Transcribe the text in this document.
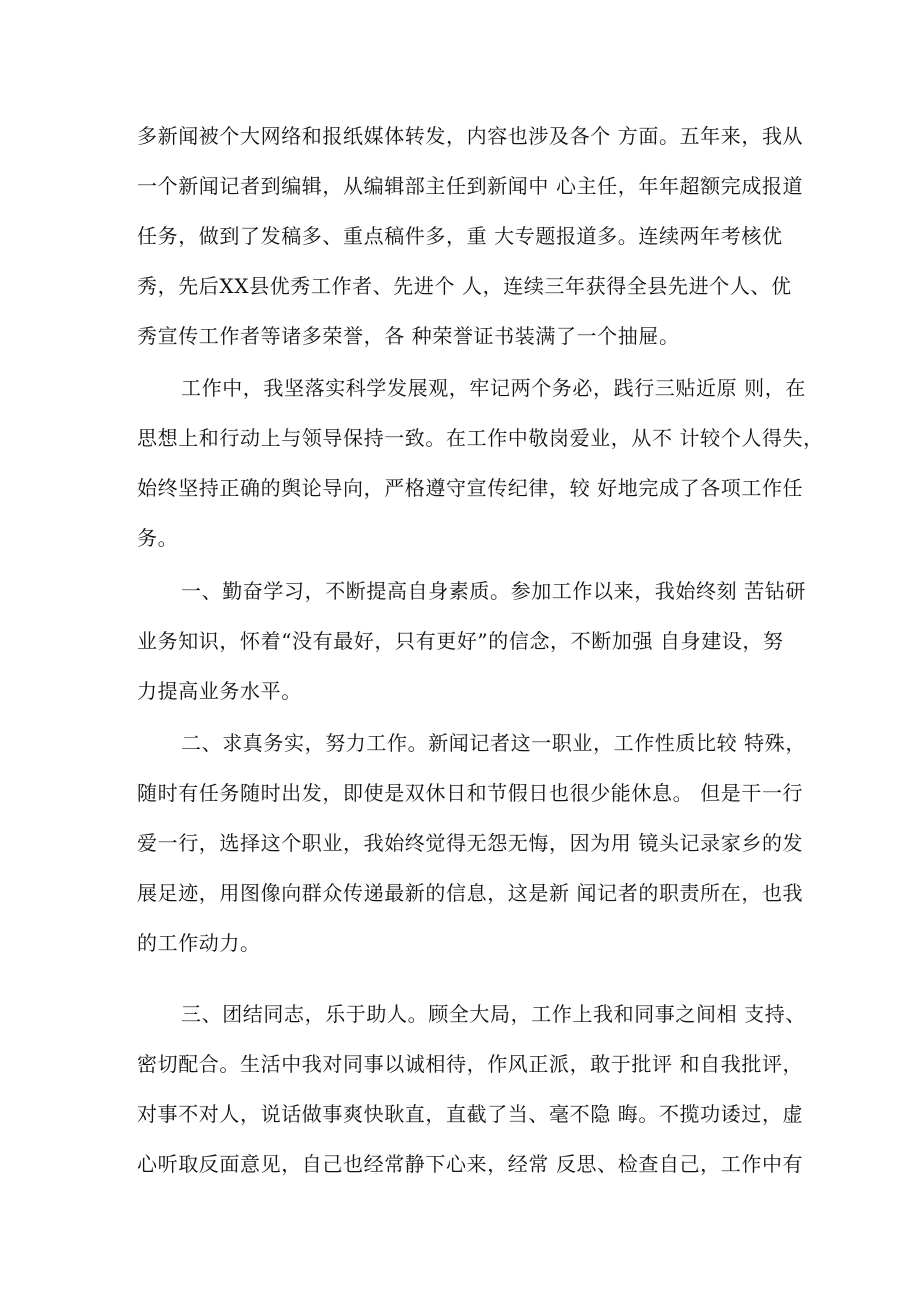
多新闻被个大网络和报纸媒体转发，内容也涉及各个 方面。五年来，我从
一个新闻记者到编辑，从编辑部主任到新闻中 心主任，年年超额完成报道
任务，做到了发稿多、重点稿件多，重 大专题报道多。连续两年考核优
秀，先后XX县优秀工作者、先进个 人，连续三年获得全县先进个人、优
秀宣传工作者等诸多荣誉，各 种荣誉证书装满了一个抽屉。
工作中，我坚落实科学发展观，牢记两个务必，践行三贴近原 则，在
思想上和行动上与领导保持一致。在工作中敬岗爱业，从不 计较个人得失，
始终坚持正确的舆论导向，严格遵守宣传纪律，较 好地完成了各项工作任
务。
一、勤奋学习，不断提高自身素质。参加工作以来，我始终刻 苦钻研
业务知识，怀着“没有最好，只有更好”的信念，不断加强 自身建设，努
力提高业务水平。
二、求真务实，努力工作。新闻记者这一职业，工作性质比较 特殊，
随时有任务随时出发，即使是双休日和节假日也很少能休息。 但是干一行
爱一行，选择这个职业，我始终觉得无怨无悔，因为用 镜头记录家乡的发
展足迹，用图像向群众传递最新的信息，这是新 闻记者的职责所在，也我
的工作动力。
三、团结同志，乐于助人。顾全大局，工作上我和同事之间相 支持、
密切配合。生活中我对同事以诚相待，作风正派，敢于批评 和自我批评，
对事不对人，说话做事爽快耿直，直截了当、毫不隐 晦。不揽功诿过，虚
心听取反面意见，自己也经常静下心来，经常 反思、检查自己，工作中有
